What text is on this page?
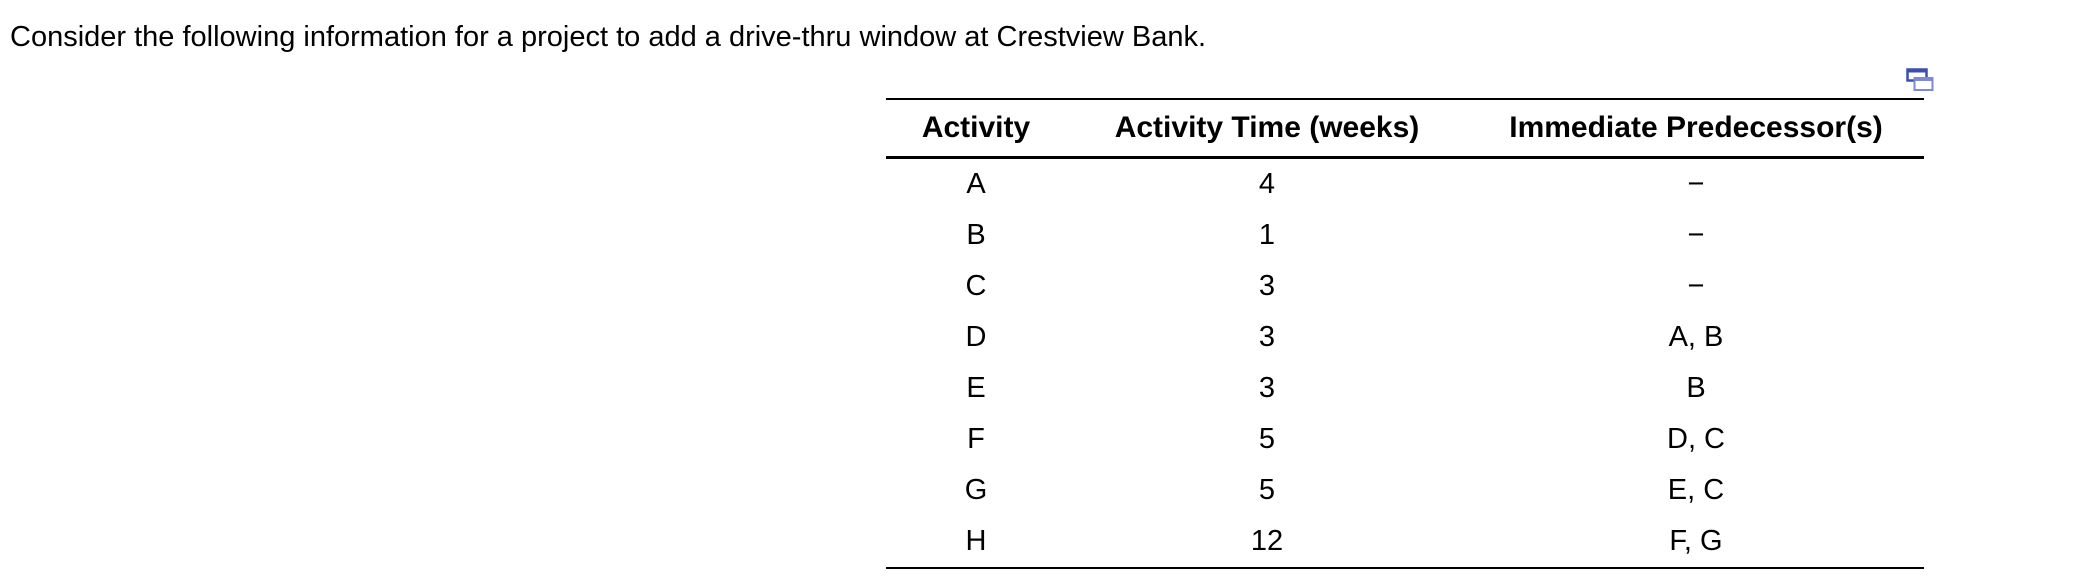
Consider the following information for a project to add a drive-thru window at Crestview Bank.
Activity	Activity Time (weeks)	Immediate Predecessor(s)
A	4	−
B	1	−
C	3	−
D	3	A, B
E	3	B
F	5	D, C
G	5	E, C
H	12	F, G
